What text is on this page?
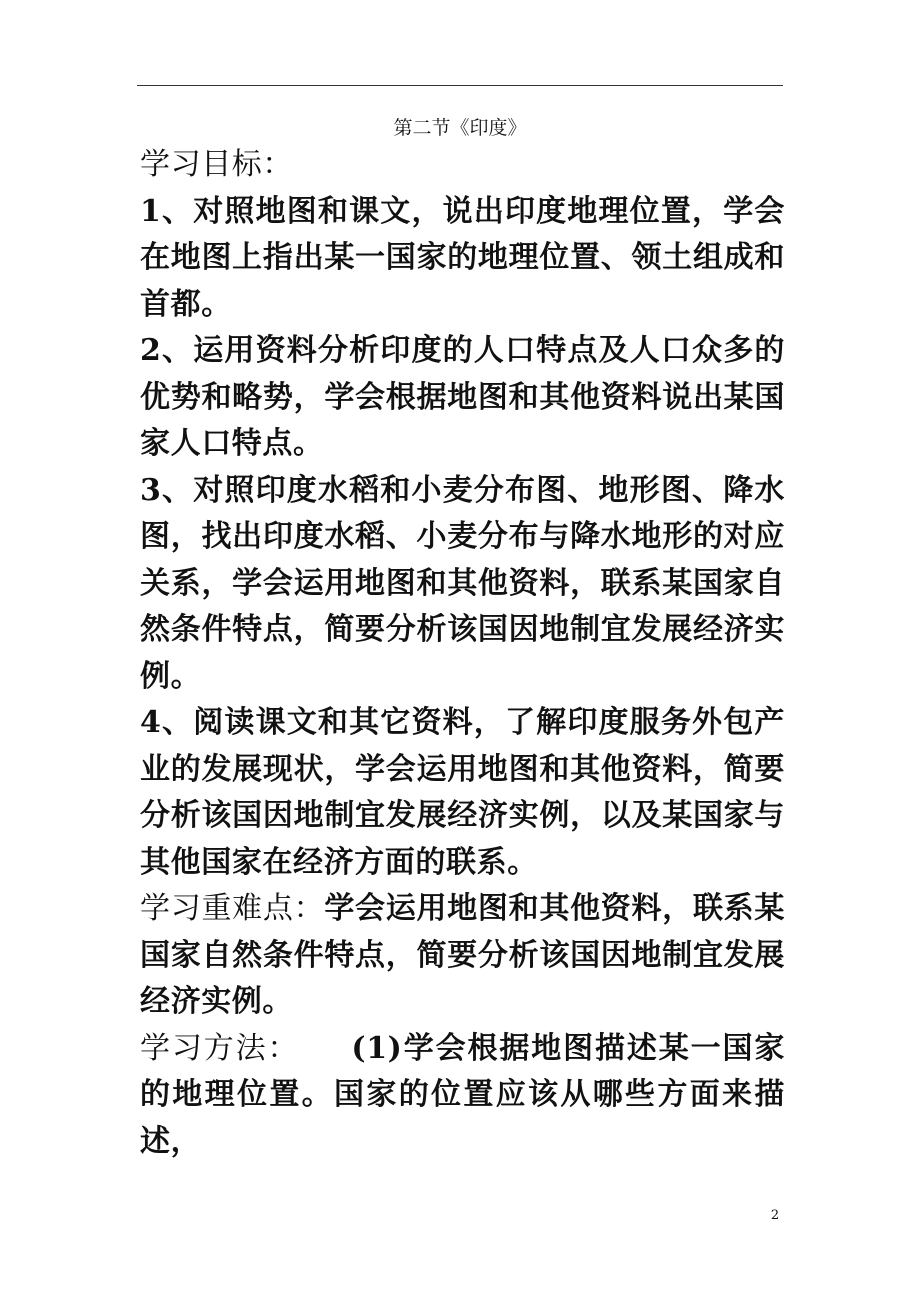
第二节《印度》

学习目标：

1、对照地图和课文，说出印度地理位置，学会在地图上指出某一国家的地理位置、领土组成和首都。

2、运用资料分析印度的人口特点及人口众多的优势和略势，学会根据地图和其他资料说出某国家人口特点。

3、对照印度水稻和小麦分布图、地形图、降水图，找出印度水稻、小麦分布与降水地形的对应关系，学会运用地图和其他资料，联系某国家自然条件特点，简要分析该国因地制宜发展经济实例。

4、阅读课文和其它资料，了解印度服务外包产业的发展现状，学会运用地图和其他资料，简要分析该国因地制宜发展经济实例，以及某国家与其他国家在经济方面的联系。

学习重难点：学会运用地图和其他资料，联系某国家自然条件特点，简要分析该国因地制宜发展经济实例。

学习方法： (1)学会根据地图描述某一国家的地理位置。国家的位置应该从哪些方面来描述，

2
